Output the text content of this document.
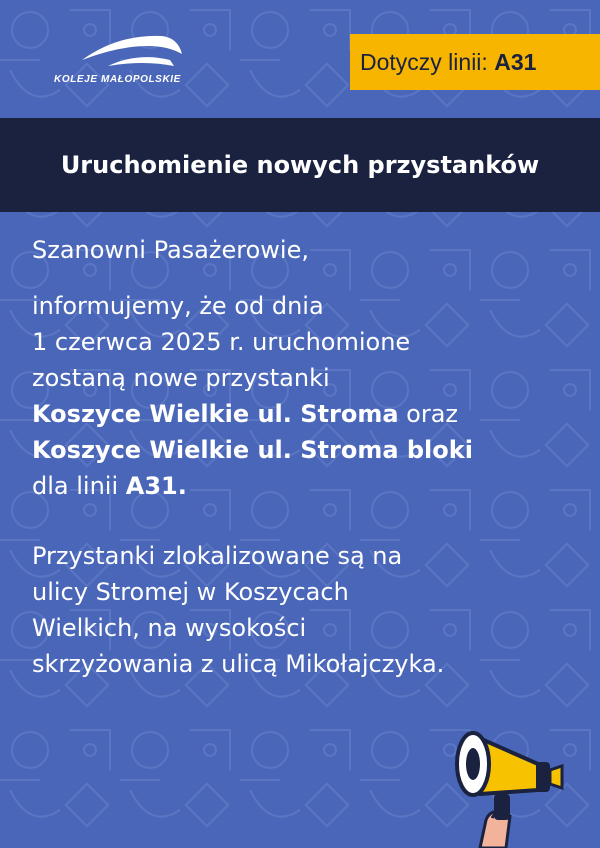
KOLEJE MAŁOPOLSKIE
Dotyczy linii: A31
Uruchomienie nowych przystanków

Szanowni Pasażerowie,

informujemy, że od dnia
1 czerwca 2025 r. uruchomione
zostaną nowe przystanki
Koszyce Wielkie ul. Stroma oraz
Koszyce Wielkie ul. Stroma bloki
dla linii A31.

Przystanki zlokalizowane są na
ulicy Stromej w Koszycach
Wielkich, na wysokości
skrzyżowania z ulicą Mikołajczyka.
